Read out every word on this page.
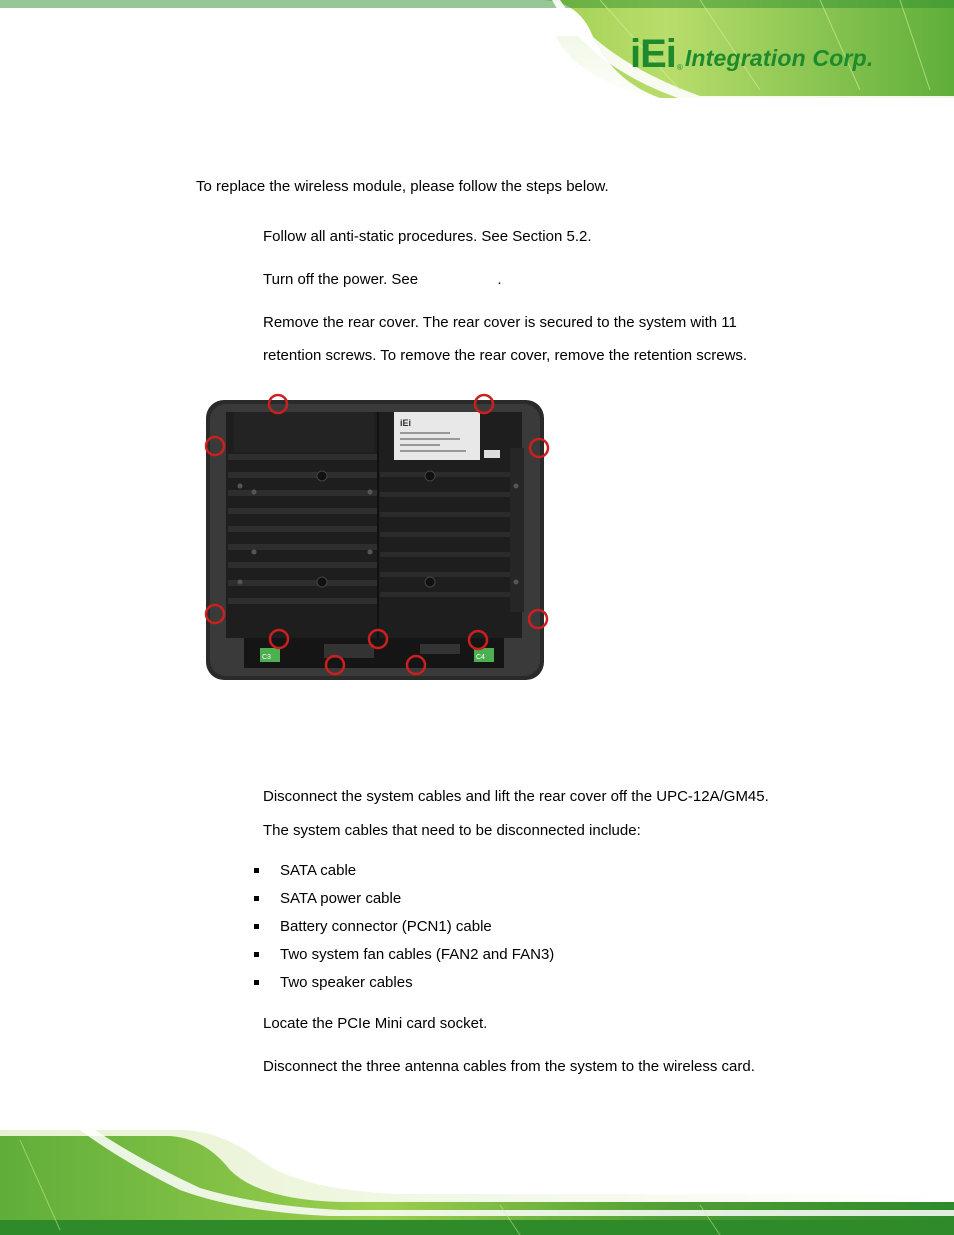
iEi ® Integration Corp.
To replace the wireless module, please follow the steps below.
Follow all anti-static procedures. See Section 5.2.
Turn off the power. See Section 5.3.
Remove the rear cover. The rear cover is secured to the system with 11
retention screws. To remove the rear cover, remove the retention screws.
iEi
C3	C4
Disconnect the system cables and lift the rear cover off the UPC-12A/GM45.
The system cables that need to be disconnected include:
SATA cable
SATA power cable
Battery connector (PCN1) cable
Two system fan cables (FAN2 and FAN3)
Two speaker cables
Locate the PCIe Mini card socket.
Disconnect the three antenna cables from the system to the wireless card.
